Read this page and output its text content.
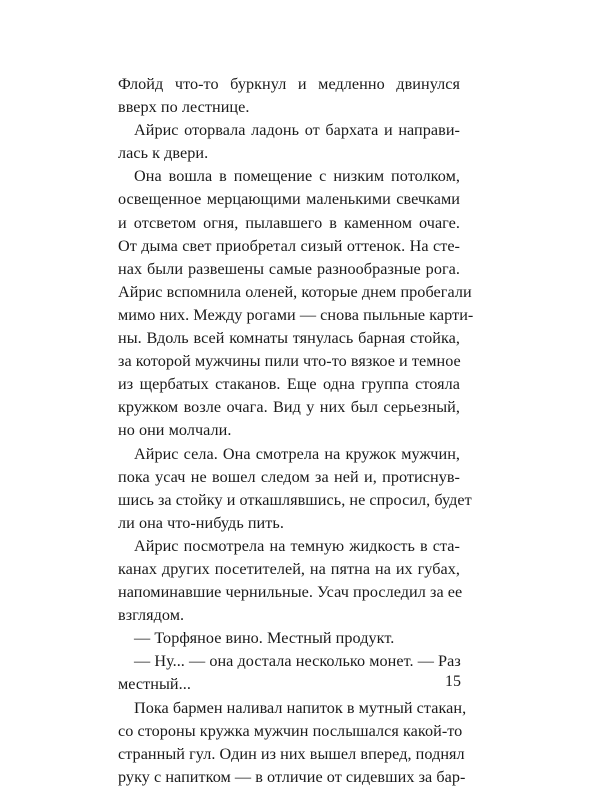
Флойд что-то буркнул и медленно двинулся
вверх по лестнице.
Айрис оторвала ладонь от бархата и направи-
лась к двери.
Она вошла в помещение с низким потолком,
освещенное мерцающими маленькими свечками
и отсветом огня, пылавшего в каменном очаге.
От дыма свет приобретал сизый оттенок. На сте-
нах были развешены самые разнообразные рога.
Айрис вспомнила оленей, которые днем пробегали
мимо них. Между рогами — снова пыльные карти-
ны. Вдоль всей комнаты тянулась барная стойка,
за которой мужчины пили что-то вязкое и темное
из щербатых стаканов. Еще одна группа стояла
кружком возле очага. Вид у них был серьезный,
но они молчали.
Айрис села. Она смотрела на кружок мужчин,
пока усач не вошел следом за ней и, протиснув-
шись за стойку и откашлявшись, не спросил, будет
ли она что-нибудь пить.
Айрис посмотрела на темную жидкость в ста-
канах других посетителей, на пятна на их губах,
напоминавшие чернильные. Усач проследил за ее
взглядом.
— Торфяное вино. Местный продукт.
— Ну... — она достала несколько монет. — Раз
местный...
Пока бармен наливал напиток в мутный стакан,
со стороны кружка мужчин послышался какой-то
странный гул. Один из них вышел вперед, поднял
руку с напитком — в отличие от сидевших за бар-
15
